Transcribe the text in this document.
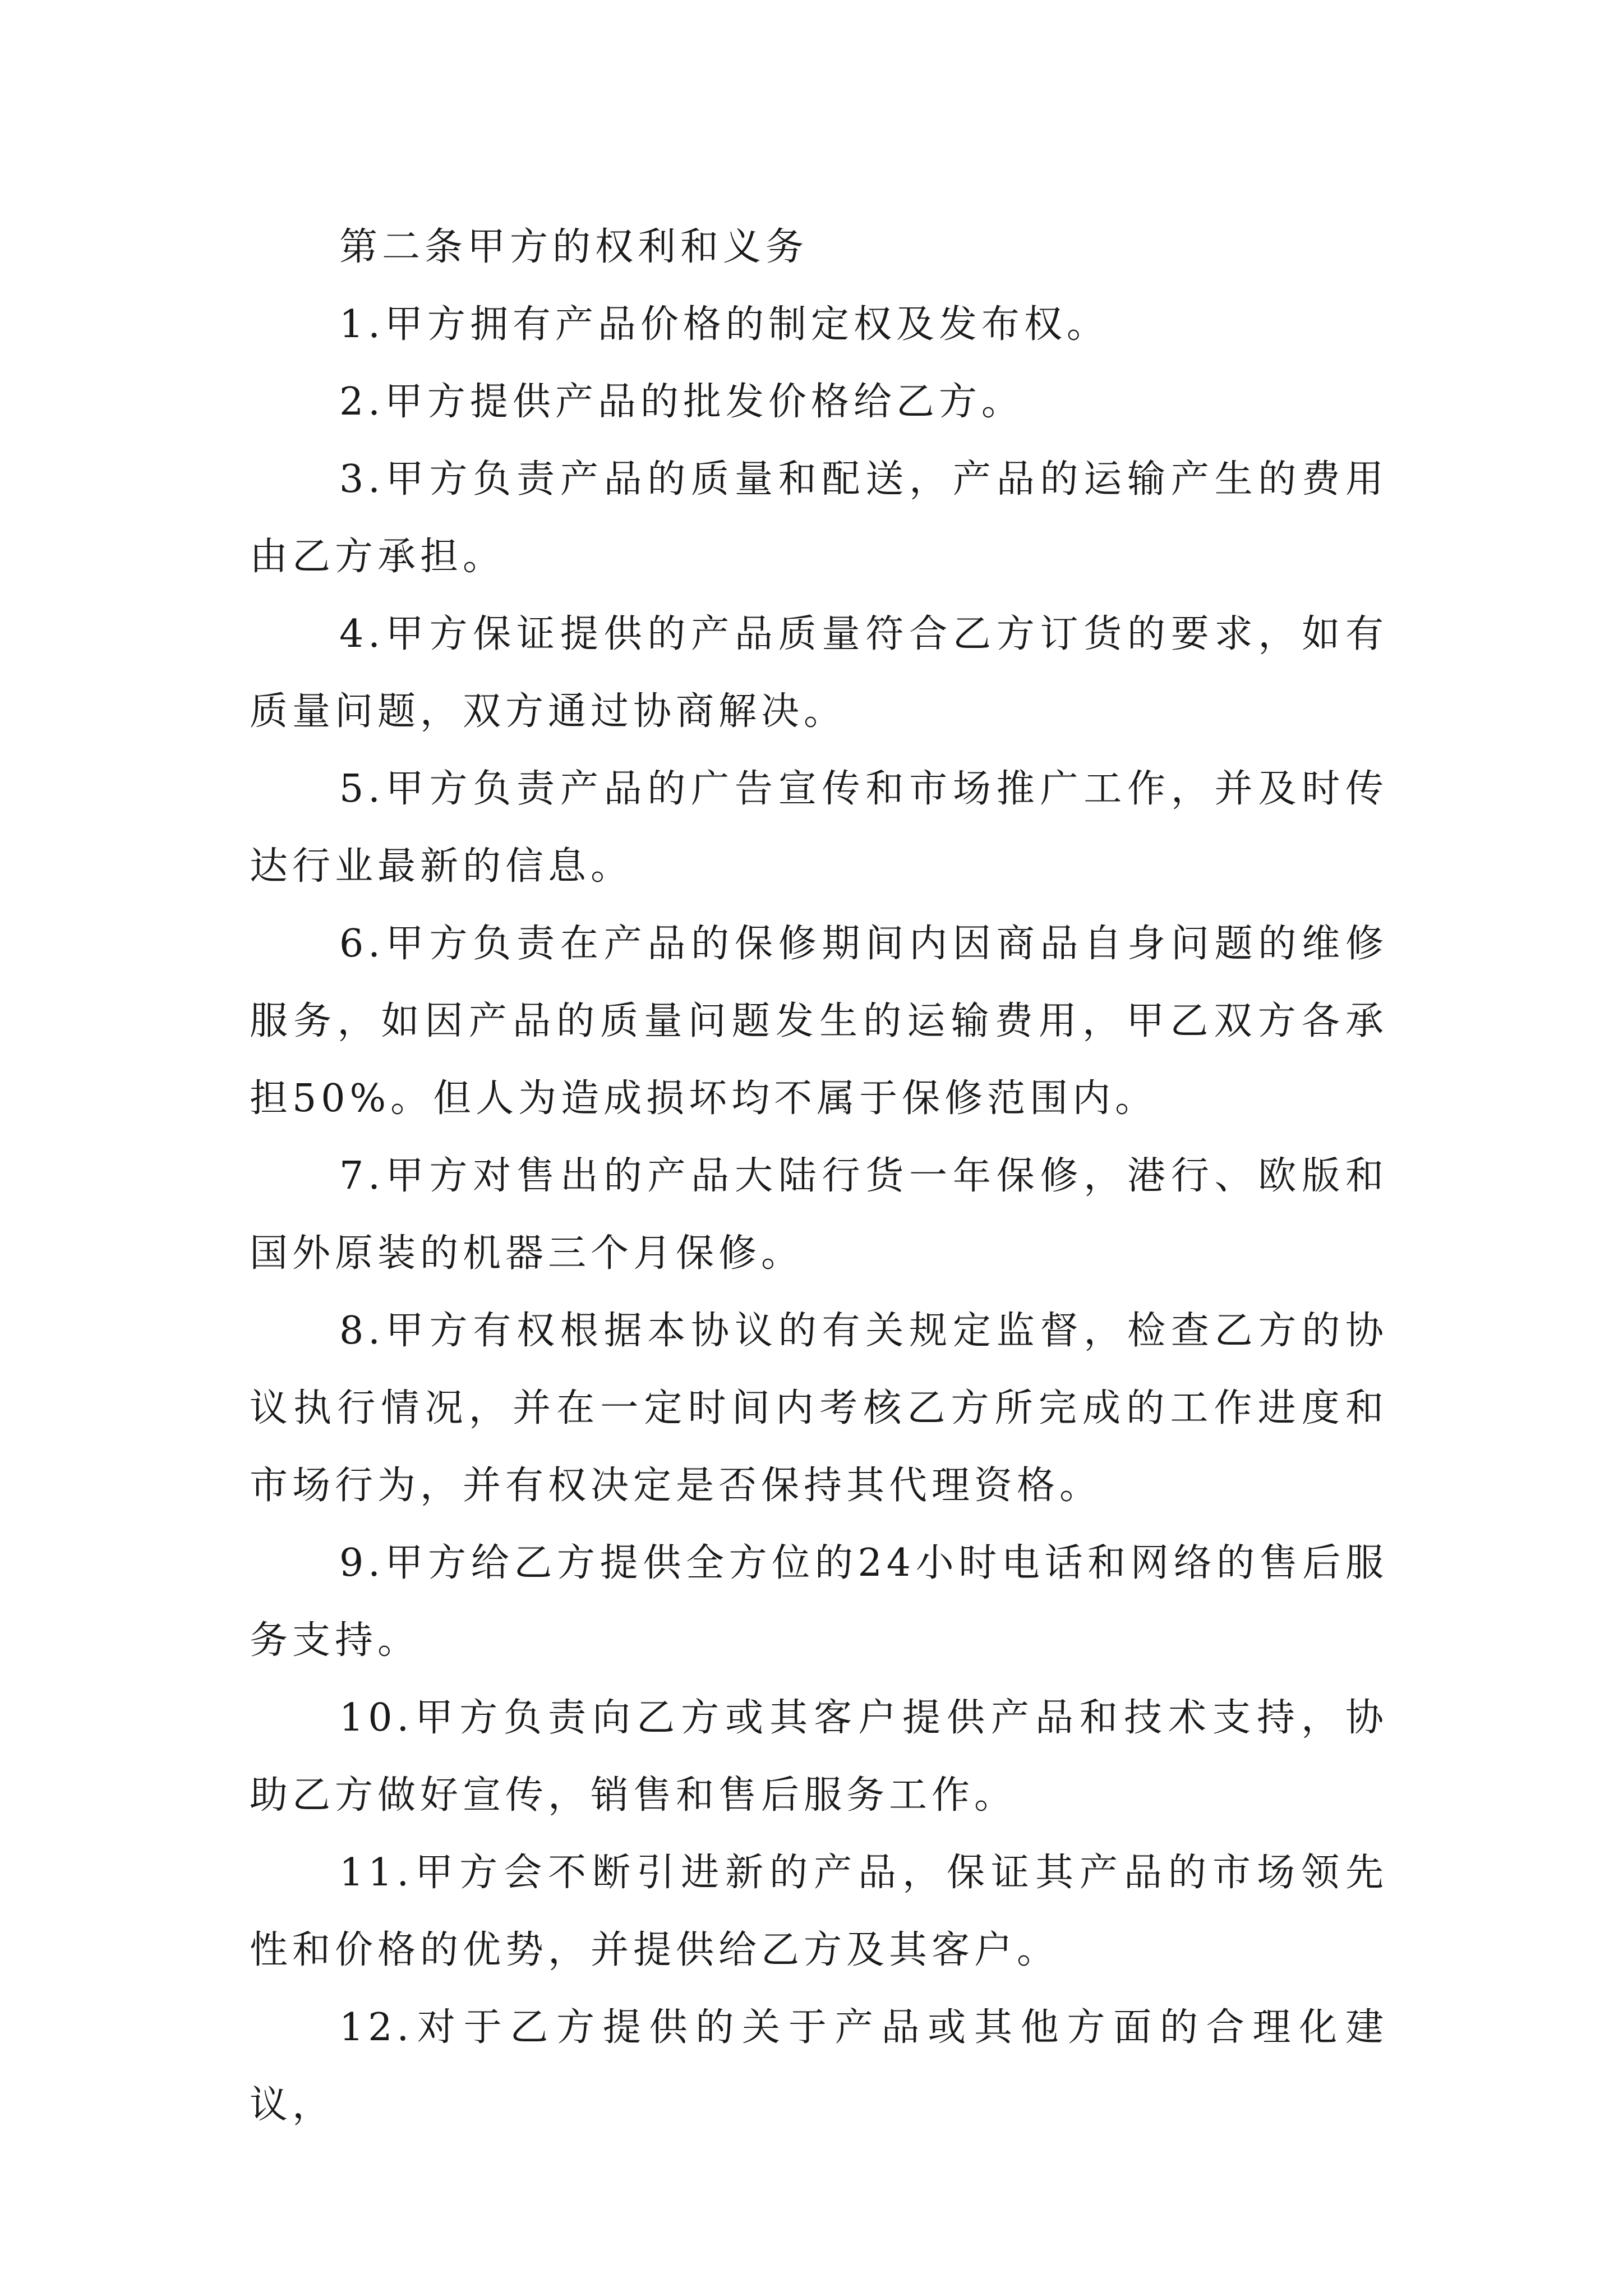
第二条甲方的权利和义务

1.甲方拥有产品价格的制定权及发布权。

2.甲方提供产品的批发价格给乙方。

3.甲方负责产品的质量和配送，产品的运输产生的费用由乙方承担。

4.甲方保证提供的产品质量符合乙方订货的要求，如有质量问题，双方通过协商解决。

5.甲方负责产品的广告宣传和市场推广工作，并及时传达行业最新的信息。

6.甲方负责在产品的保修期间内因商品自身问题的维修服务，如因产品的质量问题发生的运输费用，甲乙双方各承担50%。但人为造成损坏均不属于保修范围内。

7.甲方对售出的产品大陆行货一年保修，港行、欧版和国外原装的机器三个月保修。

8.甲方有权根据本协议的有关规定监督，检查乙方的协议执行情况，并在一定时间内考核乙方所完成的工作进度和市场行为，并有权决定是否保持其代理资格。

9.甲方给乙方提供全方位的24小时电话和网络的售后服务支持。

10.甲方负责向乙方或其客户提供产品和技术支持，协助乙方做好宣传，销售和售后服务工作。

11.甲方会不断引进新的产品，保证其产品的市场领先性和价格的优势，并提供给乙方及其客户。

12.对于乙方提供的关于产品或其他方面的合理化建议，
